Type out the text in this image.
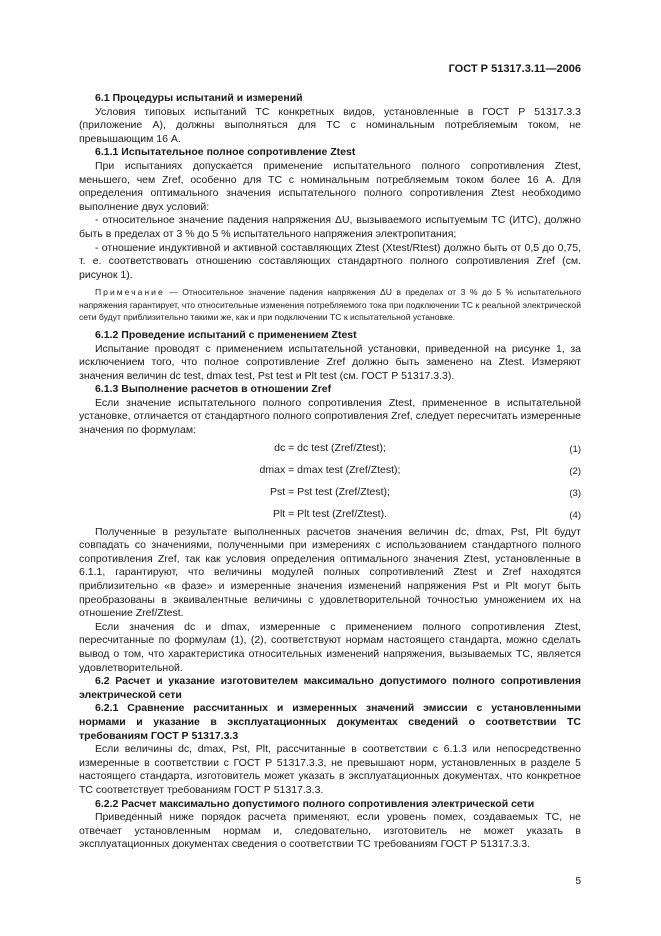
ГОСТ Р 51317.3.11—2006

6.1 Процедуры испытаний и измерений

Условия типовых испытаний ТС конкретных видов, установленные в ГОСТ Р 51317.3.3 (приложение А), должны выполняться для ТС с номинальным потребляемым током, не превышающим 16 А.

6.1.1 Испытательное полное сопротивление Ztest

При испытаниях допускается применение испытательного полного сопротивления Ztest, меньшего, чем Zref, особенно для ТС с номинальным потребляемым током более 16 А. Для определения оптимального значения испытательного полного сопротивления Ztest необходимо выполнение двух условий:

- относительное значение падения напряжения ΔU, вызываемого испытуемым ТС (ИТС), должно быть в пределах от 3 % до 5 % испытательного напряжения электропитания;

- отношение индуктивной и активной составляющих Ztest (Xtest/Rtest) должно быть от 0,5 до 0,75, т. е. соответствовать отношению составляющих стандартного полного сопротивления Zref (см. рисунок 1).

Примечание — Относительное значение падения напряжения ΔU в пределах от 3 % до 5 % испытательного напряжения гарантирует, что относительные изменения потребляемого тока при подключении ТС к реальной электрической сети будут приблизительно такими же, как и при подключении ТС к испытательной установке.

6.1.2 Проведение испытаний с применением Ztest

Испытание проводят с применением испытательной установки, приведенной на рисунке 1, за исключением того, что полное сопротивление Zref должно быть заменено на Ztest. Измеряют значения величин dc test, dmax test, Pst test и Plt test (см. ГОСТ Р 51317.3.3).

6.1.3 Выполнение расчетов в отношении Zref

Если значение испытательного полного сопротивления Ztest, примененное в испытательной установке, отличается от стандартного полного сопротивления Zref, следует пересчитать измеренные значения по формулам:

dc = dc test (Zref/Ztest);	(1)
dmax = dmax test (Zref/Ztest);	(2)
Pst = Pst test (Zref/Ztest);	(3)
Plt = Plt test (Zref/Ztest).	(4)

Полученные в результате выполненных расчетов значения величин dc, dmax, Pst, Plt будут совпадать со значениями, полученными при измерениях с использованием стандартного полного сопротивления Zref, так как условия определения оптимального значения Ztest, установленные в 6.1.1, гарантируют, что величины модулей полных сопротивлений Ztest и Zref находятся приблизительно «в фазе» и измеренные значения изменений напряжения Pst и Plt могут быть преобразованы в эквивалентные величины с удовлетворительной точностью умножением их на отношение Zref/Ztest.

Если значения dc и dmax, измеренные с применением полного сопротивления Ztest, пересчитанные по формулам (1), (2), соответствуют нормам настоящего стандарта, можно сделать вывод о том, что характеристика относительных изменений напряжения, вызываемых ТС, является удовлетворительной.

6.2 Расчет и указание изготовителем максимально допустимого полного сопротивления электрической сети

6.2.1 Сравнение рассчитанных и измеренных значений эмиссии с установленными нормами и указание в эксплуатационных документах сведений о соответствии ТС требованиям ГОСТ Р 51317.3.3

Если величины dc, dmax, Pst, Plt, рассчитанные в соответствии с 6.1.3 или непосредственно измеренные в соответствии с ГОСТ Р 51317.3.3, не превышают норм, установленных в разделе 5 настоящего стандарта, изготовитель может указать в эксплуатационных документах, что конкретное ТС соответствует требованиям ГОСТ Р 51317.3.3.

6.2.2 Расчет максимально допустимого полного сопротивления электрической сети

Приведенный ниже порядок расчета применяют, если уровень помех, создаваемых ТС, не отвечает установленным нормам и, следовательно, изготовитель не может указать в эксплуатационных документах сведения о соответствии ТС требованиям ГОСТ Р 51317.3.3.

5
